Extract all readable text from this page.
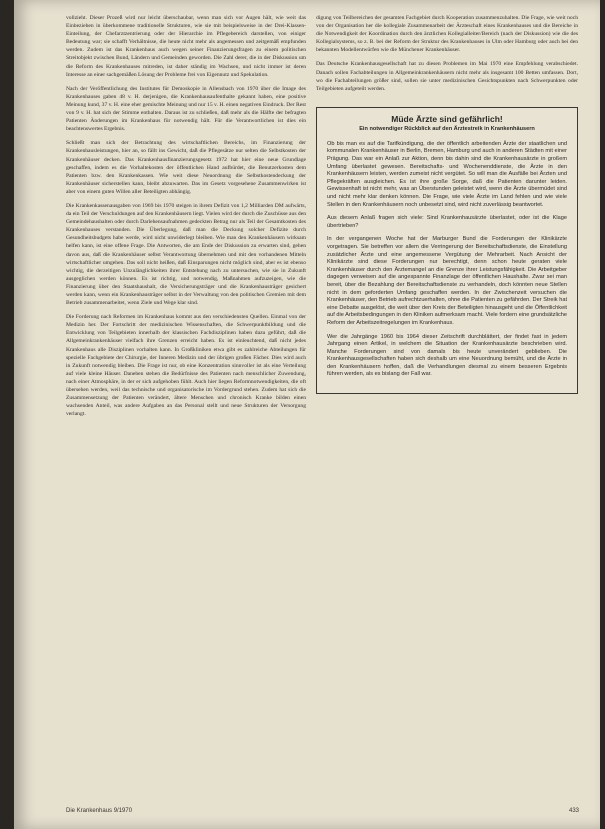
vollzieht. Dieser Prozeß wird nur leicht überschaubar, wenn man sich vor Augen hält, wie weit das Einbeziehen in überkommene traditionelle Strukturen, wie sie mit beispielsweise in der Drei-Klassen-Einteilung, der Chefarztzentrierung oder der Hierarchie im Pflegebereich darstellen, von einiger Bedeutung war; sie schafft Verhältnisse, die heute nicht mehr als angemessen und zeitgemäß empfunden werden. Zudem ist das Krankenhaus auch wegen seiner Finanzierungsfragen zu einem politischen Streitobjekt zwischen Bund, Ländern und Gemeinden geworden. Die Zahl derer, die in der Diskussion um die Reform des Krankenhauses mitreden, ist daher ständig im Wachsen, und nicht immer ist deren Interesse an einer sachgemäßen Lösung der Probleme frei von Eigennutz und Spekulation.

Nach der Veröffentlichung des Institutes für Demoskopie in Allensbach von 1970 über die Image des Krankenhauses gaben 48 v. H. derjenigen, die Krankenhausaufenthalte gekannt haben, eine positive Meinung kund, 37 v. H. eine eher gemischte Meinung und nur 15 v. H. einen negativen Eindruck. Der Rest von 9 v. H. hat sich der Stimme enthalten. Daraus ist zu schließen, daß mehr als die Hälfte der befragten Patienten Änderungen im Krankenhaus für notwendig hält. Für die Verantwortlichen ist dies ein beachtenswertes Ergebnis.

Schließt man sich der Betrachtung des wirtschaftlichen Bereichs, im Finanzierung der Krankenhausleistungen, hier an, so fällt ins Gewicht, daß die Pflegesätze nur selten die Selbstkosten der Krankenhäuser decken. Das Krankenhausfinanzierungsgesetz 1972 hat hier eine neue Grundlage geschaffen, indem es die Vorhaltekosten der öffentlichen Hand aufbürdet, die Benutzerkosten dem Patienten bzw. den Krankenkassen. Wie weit diese Neuordnung die Selbstkostendeckung der Krankenhäuser sicherstellen kann, bleibt abzuwarten. Das im Gesetz vorgesehene Zusammenwirken ist aber von einem guten Willen aller Beteiligten abhängig.

Die Krankenkassenausgaben von 1969 bis 1970 steigen in ihrem Defizit von 1,2 Milliarden DM aufwärts, da ein Teil der Verschuldungen auf den Krankenhäusern liegt. Vielen wird der durch die Zuschüsse aus den Gemeindehaushalten oder durch Darlehensaufnahmen gedeckten Betrag nur als Teil der Gesamtkosten des Krankenhauses verstanden. Die Überlegung, daß man die Deckung solcher Defizite durch Gesundheitsbudgets habe werde, wird nicht unwiderlegt bleiben. Wie man den Krankenhäusern wirksam helfen kann, ist eine offene Frage. Die Antworten, die am Ende der Diskussion zu erwarten sind, gehen davon aus, daß die Krankenhäuser selbst Verantwortung übernehmen und mit den vorhandenen Mitteln wirtschaftlicher umgehen. Das soll nicht heißen, daß Einsparungen nicht möglich sind, aber es ist ebenso wichtig, die derzeitigen Unzulänglichkeiten ihrer Entstehung nach zu untersuchen, wie sie in Zukunft ausgeglichen werden können. Es ist richtig, und notwendig, Maßnahmen aufzuzeigen, wie die Finanzierung über den Staatshaushalt, die Versicherungsträger und die Krankenhausträger gesichert werden kann, wenn ein Krankenhausträger selbst in der Verwaltung von den politischen Gremien mit dem Betrieb zusammenarbeitet, wenn Ziele und Wege klar sind.

Die Forderung nach Reformen im Krankenhaus kommt aus den verschiedensten Quellen. Einmal von der Medizin her. Der Fortschritt der medizinischen Wissenschaften, die Schwerpunktbildung und die Entwicklung von Teilgebieten innerhalb der klassischen Fachdisziplinen haben dazu geführt, daß die Allgemeinkrankenhäuser vielfach ihre Grenzen erreicht haben. Es ist einleuchtend, daß nicht jedes Krankenhaus alle Disziplinen vorhalten kann. In Großkliniken etwa gibt es zahlreiche Abteilungen für spezielle Fachgebiete der Chirurgie, der Inneren Medizin und der übrigen großen Fächer. Dies wird auch in Zukunft notwendig bleiben. Die Frage ist nur, ob eine Konzentration sinnvoller ist als eine Verteilung auf viele kleine Häuser. Daneben stehen die Bedürfnisse des Patienten nach menschlicher Zuwendung, nach einer Atmosphäre, in der er sich aufgehoben fühlt. Auch hier liegen Reformnotwendigkeiten, die oft übersehen werden, weil das technische und organisatorische im Vordergrund stehen. Zudem hat sich die Zusammensetzung der Patienten verändert, ältere Menschen und chronisch Kranke bilden einen wachsenden Anteil, was andere Aufgaben an das Personal stellt und neue Strukturen der Versorgung verlangt.

digung von Teilbereichen der gesamten Fachgebiet durch Kooperation zusammenzuhalten. Die Frage, wie weit noch von der Organisation her die kollegiale Zusammenarbeit der Ärzteschaft eines Krankenhauses und die Bereiche in die Notwendigkeit der Koordination durch den ärztlichen Kollegialleiter/Bereich (nach der Diskussion) wie die des Kollegialsystems, so z. B. bei der Reform der Struktur des Krankenhauses in Ulm oder Hamburg oder auch bei den bekannten Modellentwürfen wie die Münchener Krankenhäuser.

Das Deutsche Krankenhausgesellschaft hat zu diesen Problemen im Mai 1970 eine Empfehlung verabschiedet. Danach sollen Fachabteilungen in Allgemeinkrankenhäusern nicht mehr als insgesamt 100 Betten umfassen. Dort, wo die Fachabteilungen größer sind, sollen sie unter medizinischen Gesichtspunkten nach Schwerpunkten oder Teilgebieten aufgeteilt werden.

Müde Ärzte sind gefährlich!
Ein notwendiger Rückblick auf den Ärztestreik in Krankenhäusern

Ob bis man es auf die Tarifkündigung, die der öffentlich arbeitenden Ärzte der staatlichen und kommunalen Krankenhäuser in Berlin, Bremen, Hamburg und auch in anderen Städten mit einer Prägung. Das war ein Anlaß zur Aktion, denn bis dahin sind die Krankenhausärzte in großem Umfang überlastet gewesen. Bereitschafts- und Wochenenddienste, die Ärzte in den Krankenhäusern leisten, werden zumeist nicht vergütet. So will man die Ausfälle bei Ärzten und Pflegekräften ausgleichen. Es ist ihre große Sorge, daß die Patienten darunter leiden. Gewissenhaft ist nicht mehr, was an Überstunden geleistet wird, wenn die Ärzte übermüdet sind und nicht mehr klar denken können. Die Frage, wie viele Ärzte im Land fehlen und wie viele Stellen in den Krankenhäusern noch unbesetzt sind, wird nicht zuverlässig beantwortet.

Aus diesem Anlaß fragen sich viele: Sind Krankenhausärzte überlastet, oder ist die Klage übertrieben?

In der vergangenen Woche hat der Marburger Bund die Forderungen der Klinikärzte vorgetragen. Sie betreffen vor allem die Verringerung der Bereitschaftsdienste, die Einstellung zusätzlicher Ärzte und eine angemessene Vergütung der Mehrarbeit. Nach Ansicht der Klinikärzte sind diese Forderungen nur berechtigt, denn schon heute geraten viele Krankenhäuser durch den Ärztemangel an die Grenze ihrer Leistungsfähigkeit. Die Arbeitgeber dagegen verweisen auf die angespannte Finanzlage der öffentlichen Haushalte. Zwar sei man bereit, über die Bezahlung der Bereitschaftsdienste zu verhandeln, doch könnten neue Stellen nicht in dem geforderten Umfang geschaffen werden. In der Zwischenzeit versuchen die Krankenhäuser, den Betrieb aufrechtzuerhalten, ohne die Patienten zu gefährden. Der Streik hat eine Debatte ausgelöst, die weit über den Kreis der Beteiligten hinausgeht und die Öffentlichkeit auf die Arbeitsbedingungen in den Kliniken aufmerksam macht. Viele fordern eine grundsätzliche Reform der Arbeitszeitregelungen im Krankenhaus.

Wer die Jahrgänge 1960 bis 1964 dieser Zeitschrift durchblättert, der findet fast in jedem Jahrgang einen Artikel, in welchem die Situation der Krankenhausärzte beschrieben wird. Manche Forderungen sind von damals bis heute unverändert geblieben. Die Krankenhausgesellschaften haben sich deshalb um eine Neuordnung bemüht, und die Ärzte in den Krankenhäusern hoffen, daß die Verhandlungen diesmal zu einem besseren Ergebnis führen werden, als es bislang der Fall war.

Die Krankenhaus 9/1970	433
